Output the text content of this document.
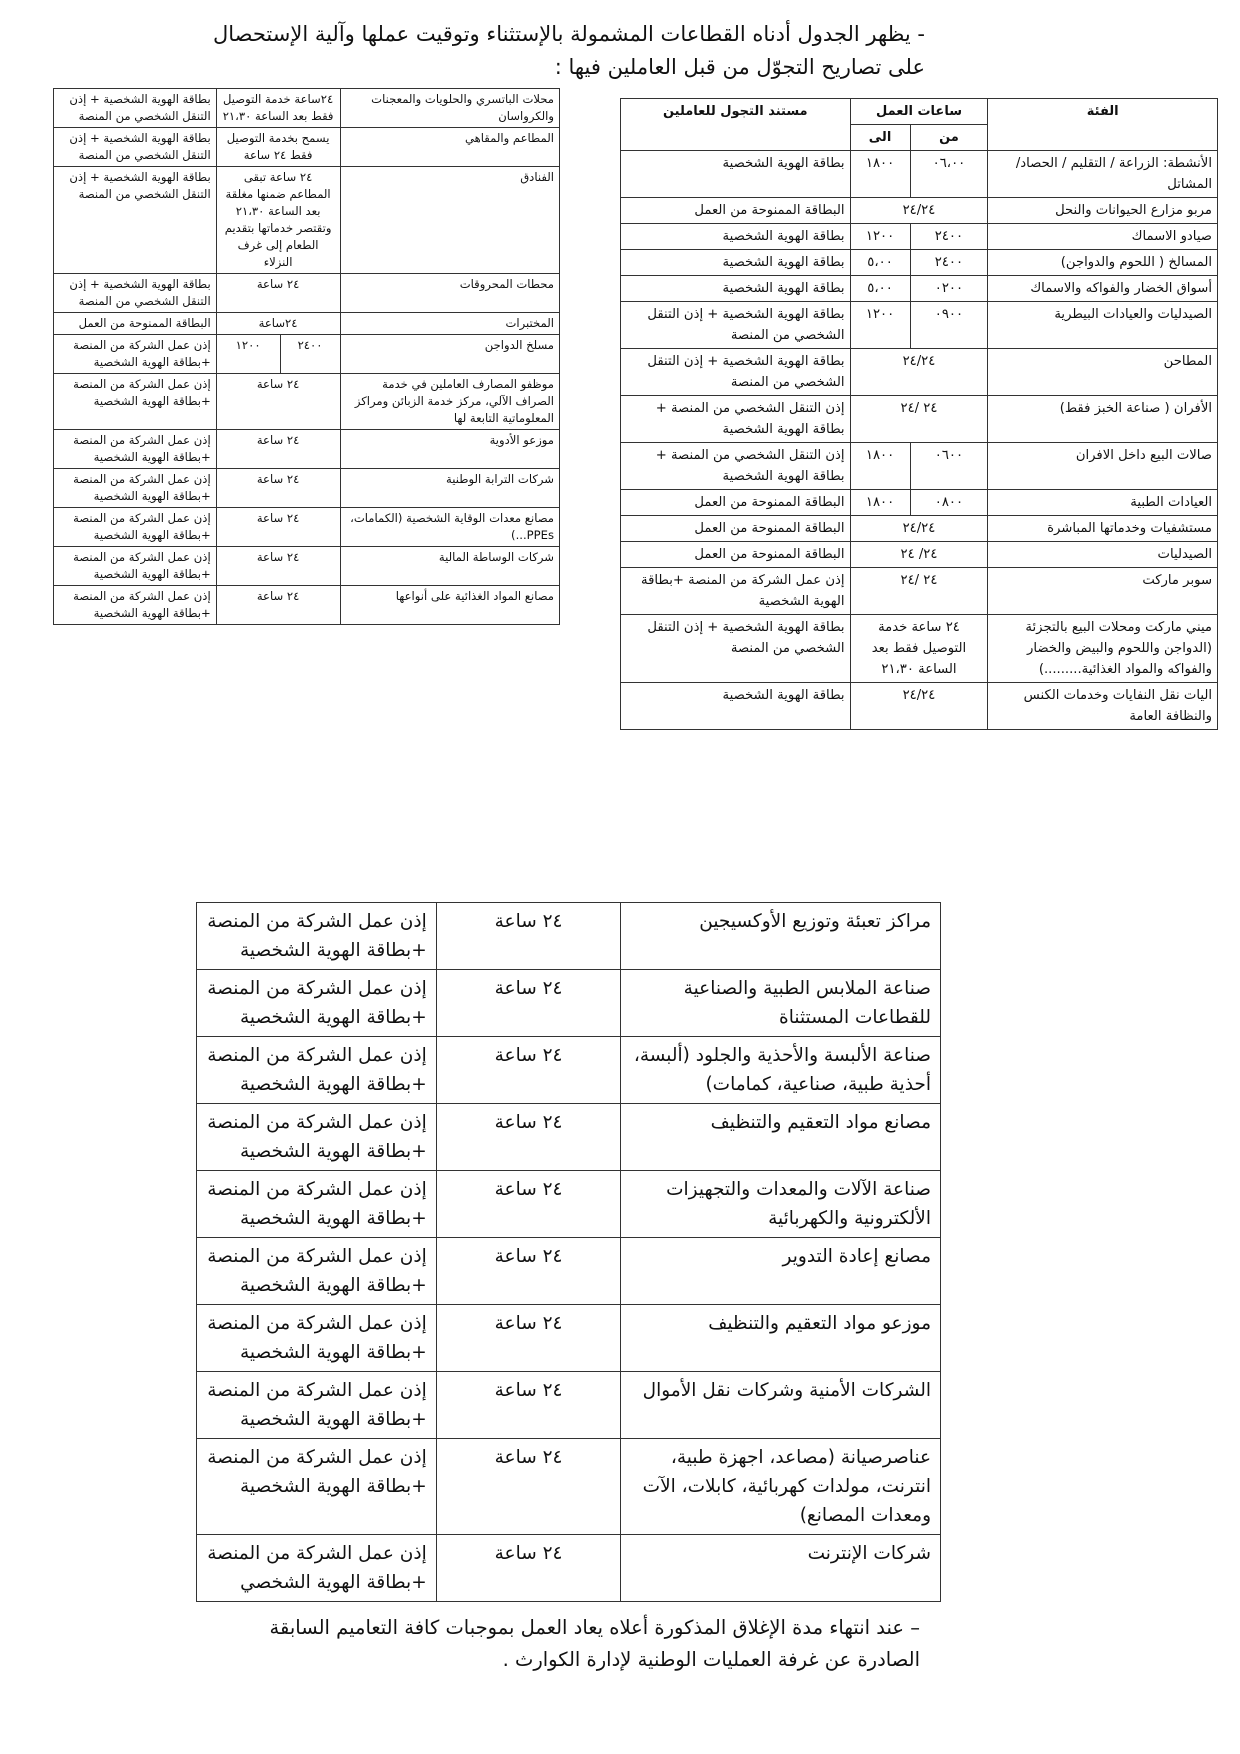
- يظهر الجدول أدناه القطاعات المشمولة بالإستثناء وتوقيت عملها وآلية الإستحصال
على تصاريح التجوّل من قبل العاملين فيها :
الفئة	ساعات العمل		مستند التجول للعاملين
	من	الى	
الأنشطة: الزراعة / التقليم / الحصاد/ المشاتل	٠٦،٠٠	١٨٠٠	بطاقة الهوية الشخصية
مربو مزارع الحيوانات والنحل	٢٤/٢٤		البطاقة الممنوحة من العمل
صيادو الاسماك	٢٤٠٠	١٢٠٠	بطاقة الهوية الشخصية
المسالخ ( اللحوم والدواجن)	٢٤٠٠	٥،٠٠	بطاقة الهوية الشخصية
أسواق الخضار والفواكه والاسماك	٠٢٠٠	٥،٠٠	بطاقة الهوية الشخصية
الصيدليات والعيادات البيطرية	٠٩٠٠	١٢٠٠	بطاقة الهوية الشخصية + إذن التنقل الشخصي من المنصة
المطاحن	٢٤/٢٤		بطاقة الهوية الشخصية + إذن التنقل الشخصي من المنصة
الأفران ( صناعة الخبز فقط)	٢٤ /٢٤		إذن التنقل الشخصي من المنصة + بطاقة الهوية الشخصية
صالات البيع داخل الافران	٠٦٠٠	١٨٠٠	إذن التنقل الشخصي من المنصة + بطاقة الهوية الشخصية
العيادات الطبية	٠٨٠٠	١٨٠٠	البطاقة الممنوحة من العمل
مستشفيات وخدماتها المباشرة	٢٤/٢٤		البطاقة الممنوحة من العمل
الصيدليات	٢٤/ ٢٤		البطاقة الممنوحة من العمل
سوبر ماركت	٢٤ /٢٤		إذن عمل الشركة من المنصة +بطاقة الهوية الشخصية
ميني ماركت ومحلات البيع بالتجزئة (الدواجن واللحوم والبيض والخضار والفواكه والمواد الغذائية.........)	٢٤ ساعة خدمة التوصيل فقط بعد الساعة ٢١،٣٠		بطاقة الهوية الشخصية + إذن التنقل الشخصي من المنصة
اليات نقل النفايات وخدمات الكنس والنظافة العامة	٢٤/٢٤		بطاقة الهوية الشخصية
محلات الباتسري والحلويات والمعجنات والكرواسان	٢٤ساعة خدمة التوصيل فقط بعد الساعة ٢١،٣٠		بطاقة الهوية الشخصية + إذن التنقل الشخصي من المنصة
المطاعم والمقاهي	يسمح بخدمة التوصيل فقط ٢٤ ساعة		بطاقة الهوية الشخصية + إذن التنقل الشخصي من المنصة
الفنادق	٢٤ ساعة تبقى المطاعم ضمنها مغلقة بعد الساعة ٢١،٣٠ وتقتصر خدماتها بتقديم الطعام إلى غرف النزلاء		بطاقة الهوية الشخصية + إذن التنقل الشخصي من المنصة
محطات المحروقات	٢٤ ساعة		بطاقة الهوية الشخصية + إذن التنقل الشخصي من المنصة
المختبرات	٢٤ساعة		البطاقة الممنوحة من العمل
مسلخ الدواجن	٢٤٠٠	١٢٠٠	إذن عمل الشركة من المنصة +بطاقة الهوية الشخصية
موظفو المصارف العاملين في خدمة الصراف الآلي، مركز خدمة الزبائن ومراكز المعلوماتية التابعة لها	٢٤ ساعة		إذن عمل الشركة من المنصة +بطاقة الهوية الشخصية
موزعو الأدوية	٢٤ ساعة		إذن عمل الشركة من المنصة +بطاقة الهوية الشخصية
شركات الترابة الوطنية	٢٤ ساعة		إذن عمل الشركة من المنصة +بطاقة الهوية الشخصية
مصانع معدات الوقاية الشخصية (الكمامات، PPEs...)	٢٤ ساعة		إذن عمل الشركة من المنصة +بطاقة الهوية الشخصية
شركات الوساطة المالية	٢٤ ساعة		إذن عمل الشركة من المنصة +بطاقة الهوية الشخصية
مصانع المواد الغذائية على أنواعها	٢٤ ساعة		إذن عمل الشركة من المنصة +بطاقة الهوية الشخصية
مراكز تعبئة وتوزيع الأوكسيجين	٢٤ ساعة	إذن عمل الشركة من المنصة +بطاقة الهوية الشخصية
صناعة الملابس الطبية والصناعية للقطاعات المستثناة	٢٤ ساعة	إذن عمل الشركة من المنصة +بطاقة الهوية الشخصية
صناعة الألبسة والأحذية والجلود (ألبسة، أحذية طبية، صناعية، كمامات)	٢٤ ساعة	إذن عمل الشركة من المنصة +بطاقة الهوية الشخصية
مصانع مواد التعقيم والتنظيف	٢٤ ساعة	إذن عمل الشركة من المنصة +بطاقة الهوية الشخصية
صناعة الآلات والمعدات والتجهيزات الألكترونية والكهربائية	٢٤ ساعة	إذن عمل الشركة من المنصة +بطاقة الهوية الشخصية
مصانع إعادة التدوير	٢٤ ساعة	إذن عمل الشركة من المنصة +بطاقة الهوية الشخصية
موزعو مواد التعقيم والتنظيف	٢٤ ساعة	إذن عمل الشركة من المنصة +بطاقة الهوية الشخصية
الشركات الأمنية وشركات نقل الأموال	٢٤ ساعة	إذن عمل الشركة من المنصة +بطاقة الهوية الشخصية
عناصرصيانة (مصاعد، اجهزة طبية، انترنت، مولدات كهربائية، كابلات، الآت ومعدات المصانع)	٢٤ ساعة	إذن عمل الشركة من المنصة +بطاقة الهوية الشخصية
شركات الإنترنت	٢٤ ساعة	إذن عمل الشركة من المنصة +بطاقة الهوية الشخصي
– عند انتهاء مدة الإغلاق المذكورة أعلاه يعاد العمل بموجبات كافة التعاميم السابقة
الصادرة عن غرفة العمليات الوطنية لإدارة الكوارث .
